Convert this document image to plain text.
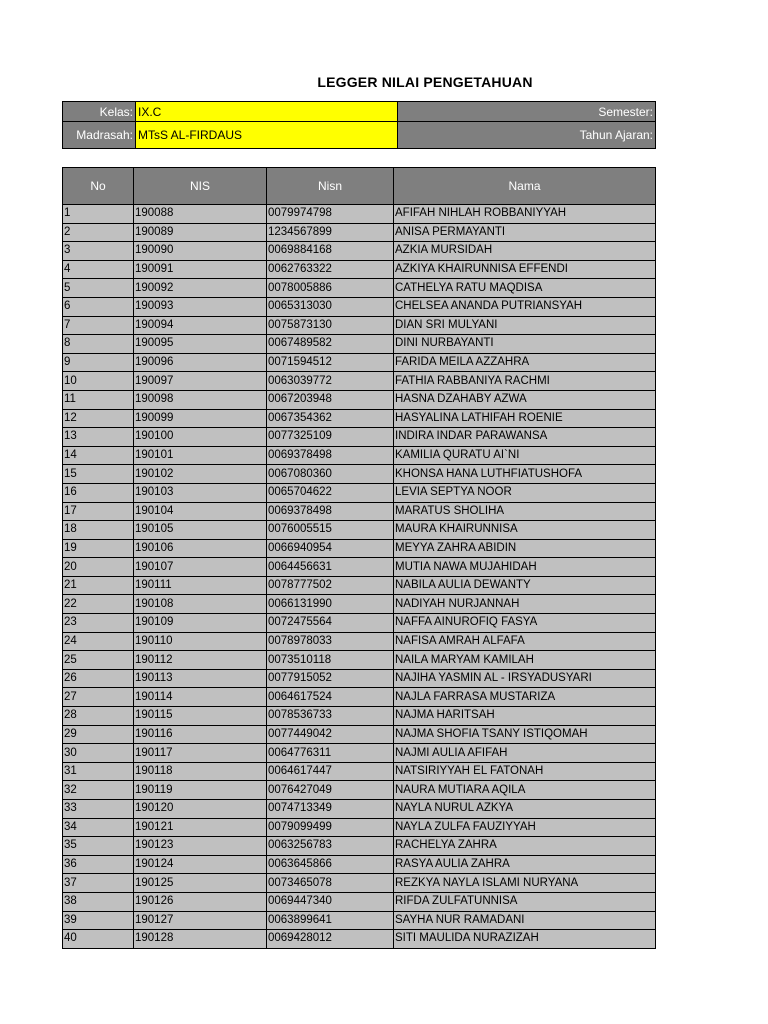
LEGGER NILAI PENGETAHUAN
Kelas:	IX.C	Semester:
Madrasah:	MTsS AL-FIRDAUS	Tahun Ajaran:
No	NIS	Nisn	Nama
1	190088	0079974798	AFIFAH NIHLAH ROBBANIYYAH
2	190089	1234567899	ANISA PERMAYANTI
3	190090	0069884168	AZKIA MURSIDAH
4	190091	0062763322	AZKIYA KHAIRUNNISA EFFENDI
5	190092	0078005886	CATHELYA RATU MAQDISA
6	190093	0065313030	CHELSEA ANANDA PUTRIANSYAH
7	190094	0075873130	DIAN SRI MULYANI
8	190095	0067489582	DINI NURBAYANTI
9	190096	0071594512	FARIDA MEILA AZZAHRA
10	190097	0063039772	FATHIA RABBANIYA RACHMI
11	190098	0067203948	HASNA DZAHABY AZWA
12	190099	0067354362	HASYALINA LATHIFAH ROENIE
13	190100	0077325109	INDIRA INDAR PARAWANSA
14	190101	0069378498	KAMILIA QURATU AI`NI
15	190102	0067080360	KHONSA HANA LUTHFIATUSHOFA
16	190103	0065704622	LEVIA SEPTYA NOOR
17	190104	0069378498	MARATUS SHOLIHA
18	190105	0076005515	MAURA KHAIRUNNISA
19	190106	0066940954	MEYYA ZAHRA ABIDIN
20	190107	0064456631	MUTIA NAWA MUJAHIDAH
21	190111	0078777502	NABILA AULIA DEWANTY
22	190108	0066131990	NADIYAH NURJANNAH
23	190109	0072475564	NAFFA AINUROFIQ FASYA
24	190110	0078978033	NAFISA AMRAH ALFAFA
25	190112	0073510118	NAILA MARYAM KAMILAH
26	190113	0077915052	NAJIHA YASMIN AL - IRSYADUSYARI
27	190114	0064617524	NAJLA FARRASA MUSTARIZA
28	190115	0078536733	NAJMA HARITSAH
29	190116	0077449042	NAJMA SHOFIA TSANY ISTIQOMAH
30	190117	0064776311	NAJMI AULIA AFIFAH
31	190118	0064617447	NATSIRIYYAH EL FATONAH
32	190119	0076427049	NAURA MUTIARA AQILA
33	190120	0074713349	NAYLA NURUL AZKYA
34	190121	0079099499	NAYLA ZULFA FAUZIYYAH
35	190123	0063256783	RACHELYA ZAHRA
36	190124	0063645866	RASYA AULIA ZAHRA
37	190125	0073465078	REZKYA NAYLA ISLAMI NURYANA
38	190126	0069447340	RIFDA ZULFATUNNISA
39	190127	0063899641	SAYHA NUR RAMADANI
40	190128	0069428012	SITI MAULIDA NURAZIZAH
